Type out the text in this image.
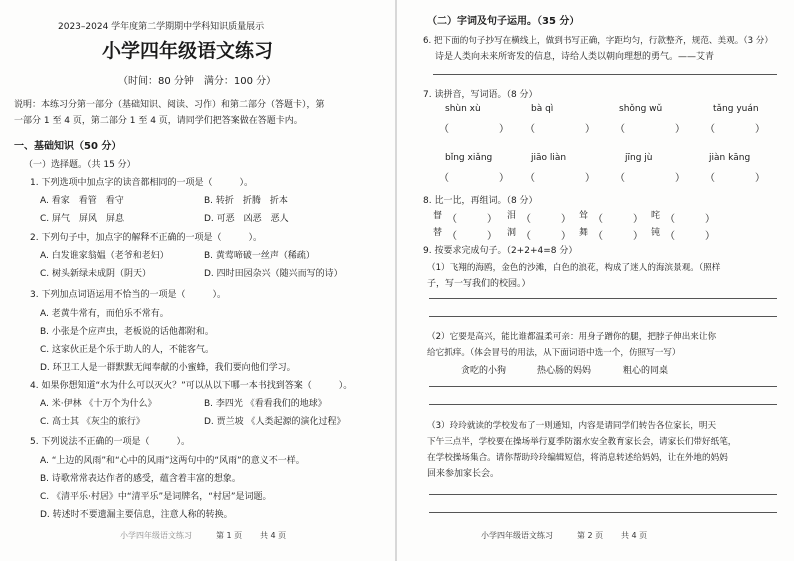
2023–2024 学年度第二学期期中学科知识质量展示
小学四年级语文练习
（时间：80 分钟　满分：100 分）
说明：本练习分第一部分（基础知识、阅读、习作）和第二部分（答题卡），第
一部分 1 至 4 页，第二部分 1 至 4 页，请同学们把答案做在答题卡内。
一、基础知识（50 分）
（一）选择题。（共 15 分）
1. 下列选项中加点字的读音都相同的一项是（　　　）。
A. 看家　看管　看守	B. 转折　折腾　折本
C. 屏气　屏风　屏息	D. 可恶　凶恶　恶人
2. 下列句子中，加点字的解释不正确的一项是（　　　）。
A. 白发谁家翁媪（老爷和老妇）	B. 黄莺啼破一丝声（稀疏）
C. 树头新绿未成阴（阴天）	D. 四时田园杂兴（随兴而写的诗）
3. 下列加点词语运用不恰当的一项是（　　　）。
A. 老黄牛常有，而伯乐不常有。
B. 小张是个应声虫，老板说的话他都附和。
C. 这家伙正是个乐于助人的人，不能客气。
D. 环卫工人是一群默默无闻奉献的小蜜蜂，我们要向他们学习。
4. 如果你想知道“水为什么可以灭火？”可以从以下哪一本书找到答案（　　　）。
A. 米·伊林 《十万个为什么》	B. 李四光 《看看我们的地球》
C. 高士其 《灰尘的旅行》	D. 贾兰坡 《人类起源的演化过程》
5. 下列说法不正确的一项是（　　　）。
A. “上边的风雨”和“心中的风雨”这两句中的“风雨”的意义不一样。
B. 诗歌常常表达作者的感受，蕴含着丰富的想象。
C. 《清平乐·村居》中“清平乐”是词牌名，“村居”是词题。
D. 转述时不要遗漏主要信息，注意人称的转换。
小学四年级语文练习	第 1 页 共 4 页
（二）字词及句子运用。（35 分）
6. 把下面的句子抄写在横线上，做到书写正确，字距均匀，行款整齐，规范、美观。（3 分）
诗是人类向未来所寄发的信息，诗给人类以朝向理想的勇气。——艾青
7. 读拼音，写词语。（8 分）
shùn xù	bà qì	shǒng wǔ	tǎng yuán
（　　　　　） （　　　　　） （　　　　　） （　　　　）
bǐng xiǎng	jiāo liàn	jīng jù	jiàn kāng
（　　　　　） （　　　　　） （　　　　　） （　　　　）
8. 比一比，再组词。（8 分）
督 （　　　） 泪 （　　　） 耸 （　　　） 咤 （　　　）
替 （　　　） 洞 （　　　） 舞 （　　　） 钝 （　　　）
9. 按要求完成句子。（2+2+4=8 分）
（1）飞翔的海鸥，金色的沙滩，白色的浪花，构成了迷人的海滨景观。（照样
子，写一写我们的校园。）
（2）它要是高兴，能比谁都温柔可亲：用身子蹭你的腿，把脖子伸出来让你
给它抓痒。（体会冒号的用法，从下面词语中选一个，仿照写一写）
贪吃的小狗	热心肠的妈妈	粗心的同桌
（3）玲玲就读的学校发布了一则通知，内容是请同学们转告各位家长，明天
下午三点半，学校要在操场举行夏季防溺水安全教育家长会，请家长们带好纸笔，
在学校操场集合。请你帮助玲玲编辑短信，将消息转述给妈妈，让在外地的妈妈
回来参加家长会。
小学四年级语文练习	第 2 页 共 4 页
